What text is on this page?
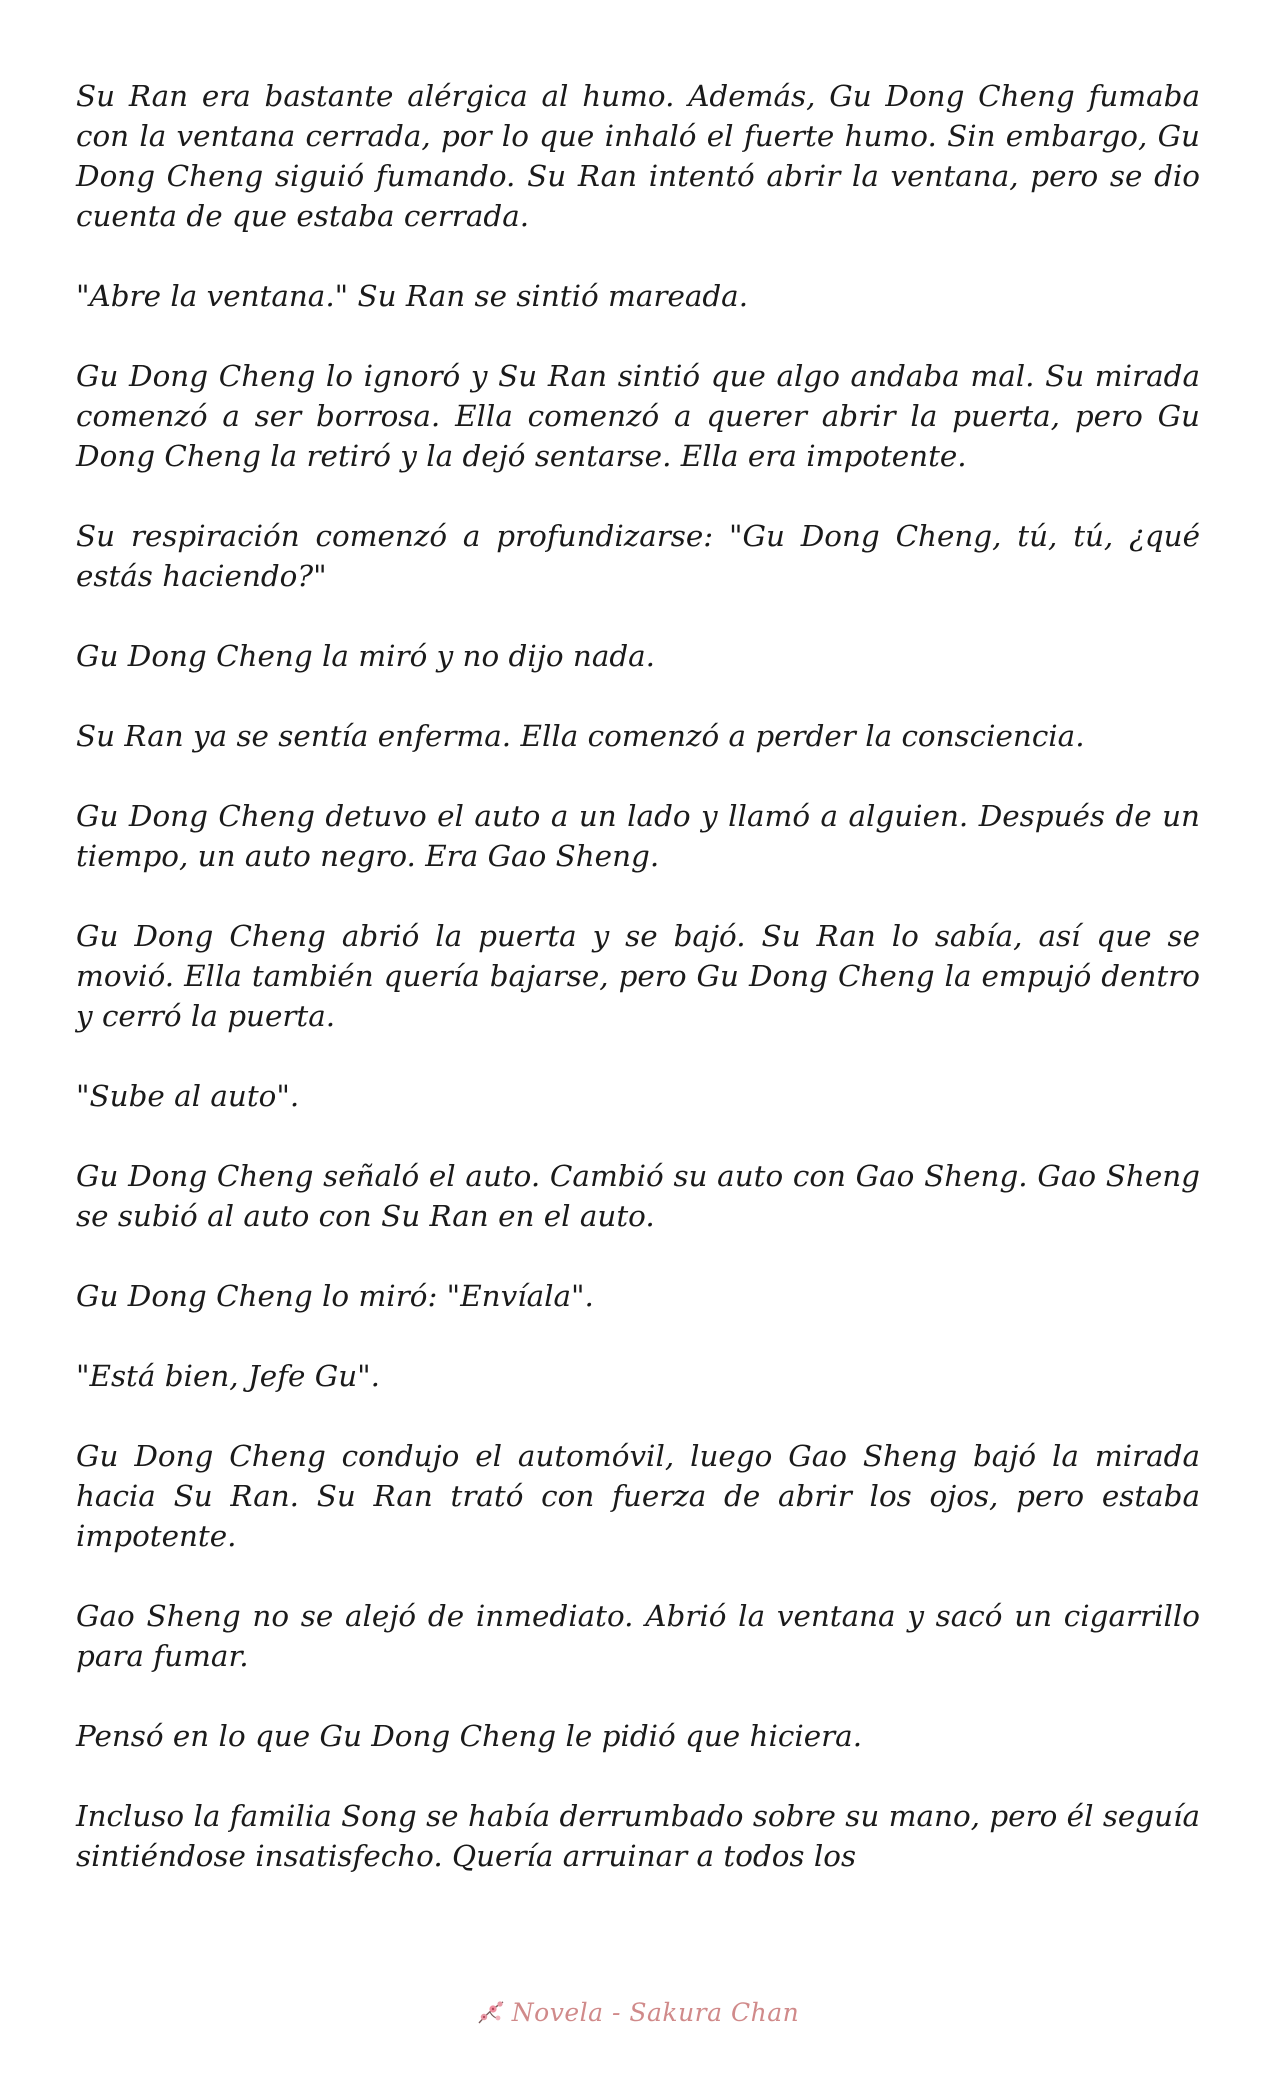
Su Ran era bastante alérgica al humo. Además, Gu Dong Cheng fumaba con la ventana cerrada, por lo que inhaló el fuerte humo. Sin embargo, Gu Dong Cheng siguió fumando. Su Ran intentó abrir la ventana, pero se dio cuenta de que estaba cerrada.

"Abre la ventana." Su Ran se sintió mareada.

Gu Dong Cheng lo ignoró y Su Ran sintió que algo andaba mal. Su mirada comenzó a ser borrosa. Ella comenzó a querer abrir la puerta, pero Gu Dong Cheng la retiró y la dejó sentarse. Ella era impotente.

Su respiración comenzó a profundizarse: "Gu Dong Cheng, tú, tú, ¿qué estás haciendo?"

Gu Dong Cheng la miró y no dijo nada.

Su Ran ya se sentía enferma. Ella comenzó a perder la consciencia.

Gu Dong Cheng detuvo el auto a un lado y llamó a alguien. Después de un tiempo, un auto negro. Era Gao Sheng.

Gu Dong Cheng abrió la puerta y se bajó. Su Ran lo sabía, así que se movió. Ella también quería bajarse, pero Gu Dong Cheng la empujó dentro y cerró la puerta.

"Sube al auto".

Gu Dong Cheng señaló el auto. Cambió su auto con Gao Sheng. Gao Sheng se subió al auto con Su Ran en el auto.

Gu Dong Cheng lo miró: "Envíala".

"Está bien, Jefe Gu".

Gu Dong Cheng condujo el automóvil, luego Gao Sheng bajó la mirada hacia Su Ran. Su Ran trató con fuerza de abrir los ojos, pero estaba impotente.

Gao Sheng no se alejó de inmediato. Abrió la ventana y sacó un cigarrillo para fumar.

Pensó en lo que Gu Dong Cheng le pidió que hiciera.

Incluso la familia Song se había derrumbado sobre su mano, pero él seguía sintiéndose insatisfecho. Quería arruinar a todos los

Novela - Sakura Chan
